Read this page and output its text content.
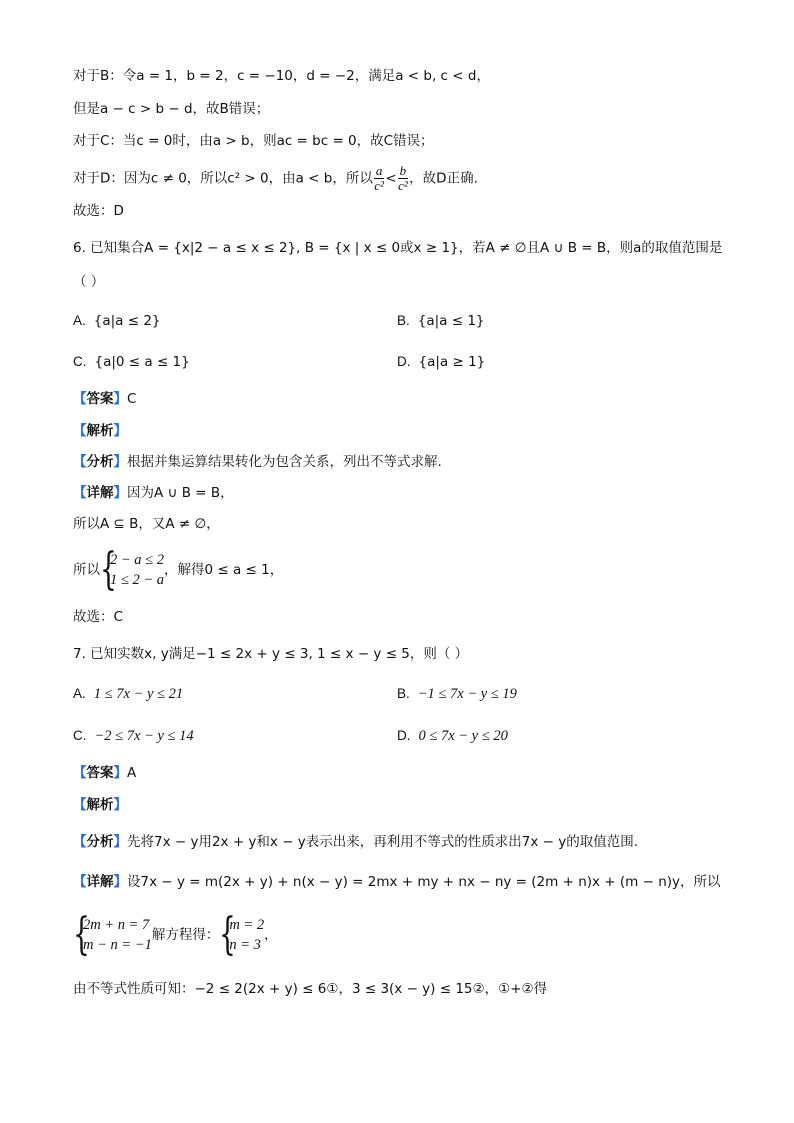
对于B：令a = 1，b = 2，c = −10，d = −2，满足a < b, c < d，
但是a − c > b − d，故B错误；
对于C：当c = 0时，由a > b，则ac = bc = 0，故C错误；
对于D：因为c ≠ 0，所以c² > 0，由a < b，所以 $\frac{a}{\text{c²}} < \frac{b}{\text{c²}}$ ，故D正确.
故选：D
6. 已知集合A = {x|2 − a ≤ x ≤ 2}, B = {x | x ≤ 0或x ≥ 1}，若A ≠ ∅且A ∪ B = B，则a的取值范围是
（ ）
A. {a|a ≤ 2}	B. {a|a ≤ 1}
C. {a|0 ≤ a ≤ 1}	D. {a|a ≥ 1}
【答案】C
【解析】
【分析】根据并集运算结果转化为包含关系，列出不等式求解.
【详解】因为A ∪ B = B，
所以A ⊆ B，又A ≠ ∅，
所以 {
2 − a ≤ 2
1 ≤ 2 − a
，解得0 ≤ a ≤ 1，
故选：C
7. 已知实数x, y满足−1 ≤ 2x + y ≤ 3, 1 ≤ x − y ≤ 5，则（ ）
A. 1 ≤ 7x − y ≤ 21	B. −1 ≤ 7x − y ≤ 19
C. −2 ≤ 7x − y ≤ 14	D. 0 ≤ 7x − y ≤ 20
【答案】A
【解析】
【分析】先将7x − y用2x + y和x − y表示出来，再利用不等式的性质求出7x − y的取值范围.
【详解】设7x − y = m(2x + y) + n(x − y) = 2mx + my + nx − ny = (2m + n)x + (m − n)y，所以
{
2m + n = 7
m − n = −1
解方程得： {
m = 2
n = 3
，
由不等式性质可知：−2 ≤ 2(2x + y) ≤ 6①，3 ≤ 3(x − y) ≤ 15②，①+②得
